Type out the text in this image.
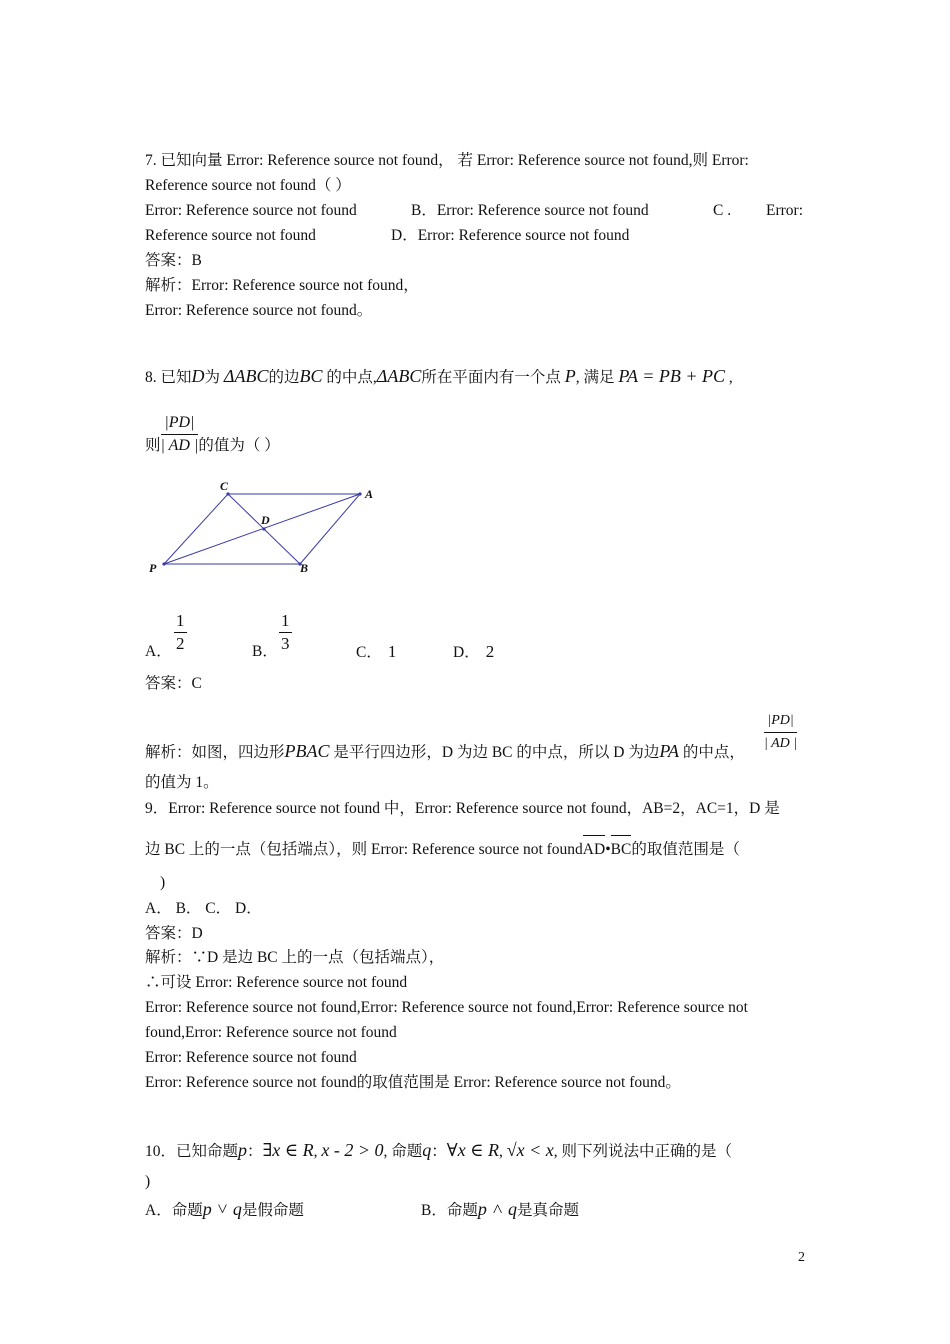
7. 已知向量 Error: Reference source not found， 若 Error: Reference source not found,则 Error:
Reference source not found（ ）
Error: Reference source not found	B．Error: Reference source not found	C . Error:
Reference source not found	D．Error: Reference source not found
答案：B
解析：Error: Reference source not found，
Error: Reference source not found。
8. 已知D为 ΔABC的边BC 的中点,ΔABC所在平面内有一个点 P, 满足 PA = PB + PC ,
则 $\frac{|PD|}{| AD |}$ 的值为（ ）
C
A
D
P	B
A． $\frac{1}{2}$	B． $\frac{1}{3}$	C． 1	D． 2
答案：C
解析：如图，四边形PBAC 是平行四边形，D 为边 BC 的中点，所以 D 为边PA 的中点， $\frac{|PD|}{| AD |}$
的值为 1。
9．Error: Reference source not found 中，Error: Reference source not found，AB=2，AC=1，D 是
边 BC 上的一点（包括端点），则 Error: Reference source not found
AD•
BC的取值范围是（
)
A． B． C． D．
答案：D
解析：∵D 是边 BC 上的一点（包括端点），
∴可设 Error: Reference source not found
Error: Reference source not found,Error: Reference source not found,Error: Reference source not
found,Error: Reference source not found
Error: Reference source not found
Error: Reference source not found的取值范围是 Error: Reference source not found。
10．已知命题p：∃x ∈ R, x - 2 > 0, 命题q：∀x ∈ R, √x < x, 则下列说法中正确的是（
)
A．命题p ˅ q是假命题	B．命题p ˄ q是真命题
2
